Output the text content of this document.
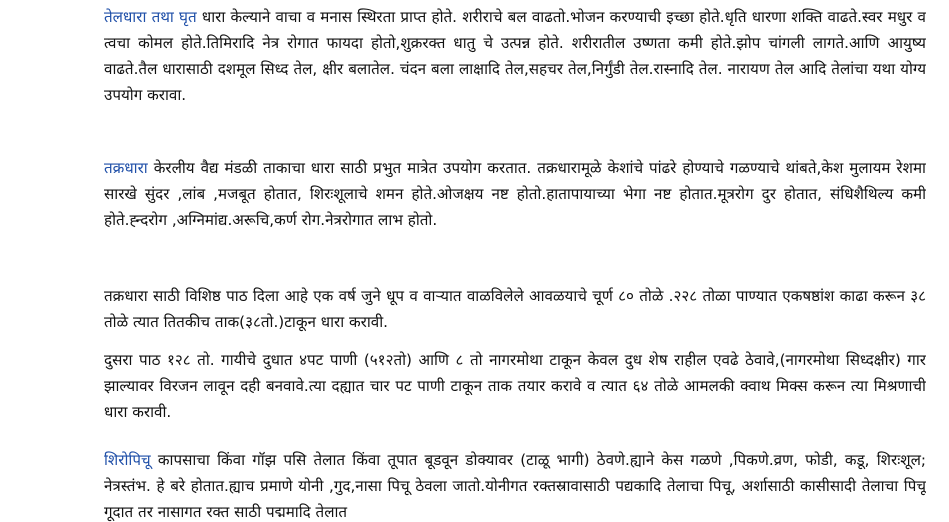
तेलधारा तथा घृत धारा केल्याने वाचा व मनास स्थिरता प्राप्त होते. शरीराचे बल वाढतो.भोजन करण्याची इच्छा होते.धृति धारणा शक्ति वाढते.स्वर मधुर व त्वचा कोमल होते.तिमिरादि नेत्र रोगात फायदा होतो,शुक्ररक्त धातु चे उत्पन्न होते. शरीरातील उष्णता कमी होते.झोप चांगली लागते.आणि आयुष्य वाढते.तैल धारासाठी दशमूल सिध्द तेल, क्षीर बलातेल. चंदन बला लाक्षादि तेल,सहचर तेल,निर्गुंडी तेल.रास्नादि तेल. नारायण तेल आदि तेलांचा यथा योग्य उपयोग करावा.

तक्रधारा केरलीय वैद्य मंडळी ताकाचा धारा साठी प्रभुत मात्रेत उपयोग करतात. तक्रधारामूळे केशांचे पांढरे होण्याचे गळण्याचे थांबते,केश मुलायम रेशमा सारखे सुंदर ,लांब ,मजबूत होतात, शिरःशूलाचे शमन होते.ओजक्षय नष्ट होतो.हातापायाच्या भेगा नष्ट होतात.मूत्ररोग दुर होतात, संधिशैथिल्य कमी होते.ह्न्दरोग ,अग्निमांद्य.अरूचि,कर्ण रोग.नेत्ररोगात लाभ होतो.

तक्रधारा साठी विशिष्ठ पाठ दिला आहे एक वर्ष जुने धूप व वाऱ्यात वाळविलेले आवळयाचे चूर्ण ८० तोळे .२२८ तोळा पाण्यात एकषष्ठांश काढा करून ३८ तोळे त्यात तितकीच ताक(३८तो.)टाकून धारा करावी.

दुसरा पाठ १२८ तो. गायीचे दुधात ४पट पाणी (५१२तो) आणि ८ तो नागरमोथा टाकून केवल दुध शेष राहील एवढे ठेवावे,(नागरमोथा सिध्दक्षीर) गार झाल्यावर विरजन लावून दही बनवावे.त्या दह्यात चार पट पाणी टाकून ताक तयार करावे व त्यात ६४ तोळे आमलकी क्वाथ मिक्स करून त्या मिश्रणाची धारा करावी.

शिरोपिचू कापसाचा किंवा गॉझ पसि तेलात किंवा तूपात बूडवून डोक्यावर (टाळू भागी) ठेवणे.ह्याने केस गळणे ,पिकणे.व्रण, फोडी, कडू, शिरःशूल; नेत्रस्तंभ. हे बरे होतात.ह्याच प्रमाणे योनी ,गुद,नासा पिचू ठेवला जातो.योनीगत रक्तस्रावासाठी पद्यकादि तेलाचा पिचू, अर्शासाठी कासीसादी तेलाचा पिचू गूदात तर नासागत रक्त साठी पद्ममादि तेलात
